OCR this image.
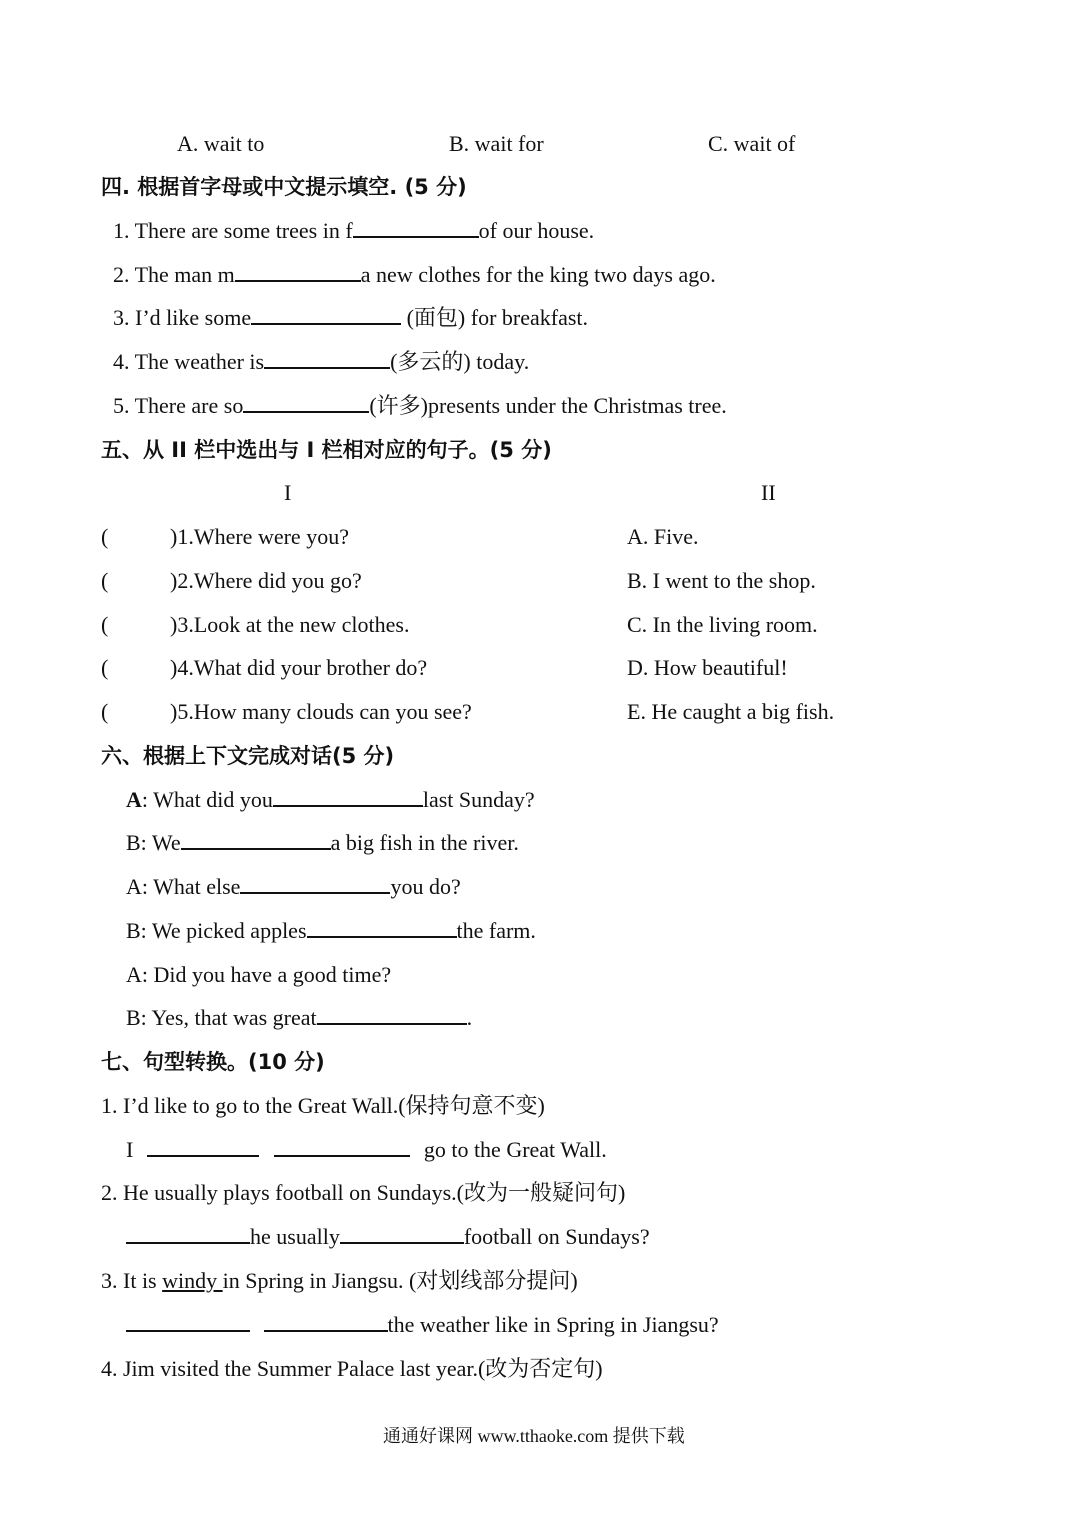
A. wait to	B. wait for	C. wait of
四. 根据首字母或中文提示填空. (5 分)
1. There are some trees in f	of our house.
2. The man m	a new clothes for the king two days ago.
3. I’d like some	(面包) for breakfast.
4. The weather is	(多云的) today.
5. There are so	(许多)presents under the Christmas tree.
五、从 II 栏中选出与 I 栏相对应的句子。(5 分)
I	II
(	)1.Where were you?	A. Five.
(	)2.Where did you go?	B. I went to the shop.
(	)3.Look at the new clothes.	C. In the living room.
(	)4.What did your brother do?	D. How beautiful!
(	)5.How many clouds can you see?	E. He caught a big fish.
六、根据上下文完成对话(5 分)
A: What did you	last Sunday?
B: We	a big fish in the river.
A: What else	you do?
B: We picked apples	the farm.
A: Did you have a good time?
B: Yes, that was great	.
七、句型转换。(10 分)
1. I’d like to go to the Great Wall.(保持句意不变)
I	go to the Great Wall.
2. He usually plays football on Sundays.(改为一般疑问句)
he usually	football on Sundays?
3. It is windy in Spring in Jiangsu. (对划线部分提问)
the weather like in Spring in Jiangsu?
4. Jim visited the Summer Palace last year.(改为否定句)
通通好课网 www.tthaoke.com 提供下载
